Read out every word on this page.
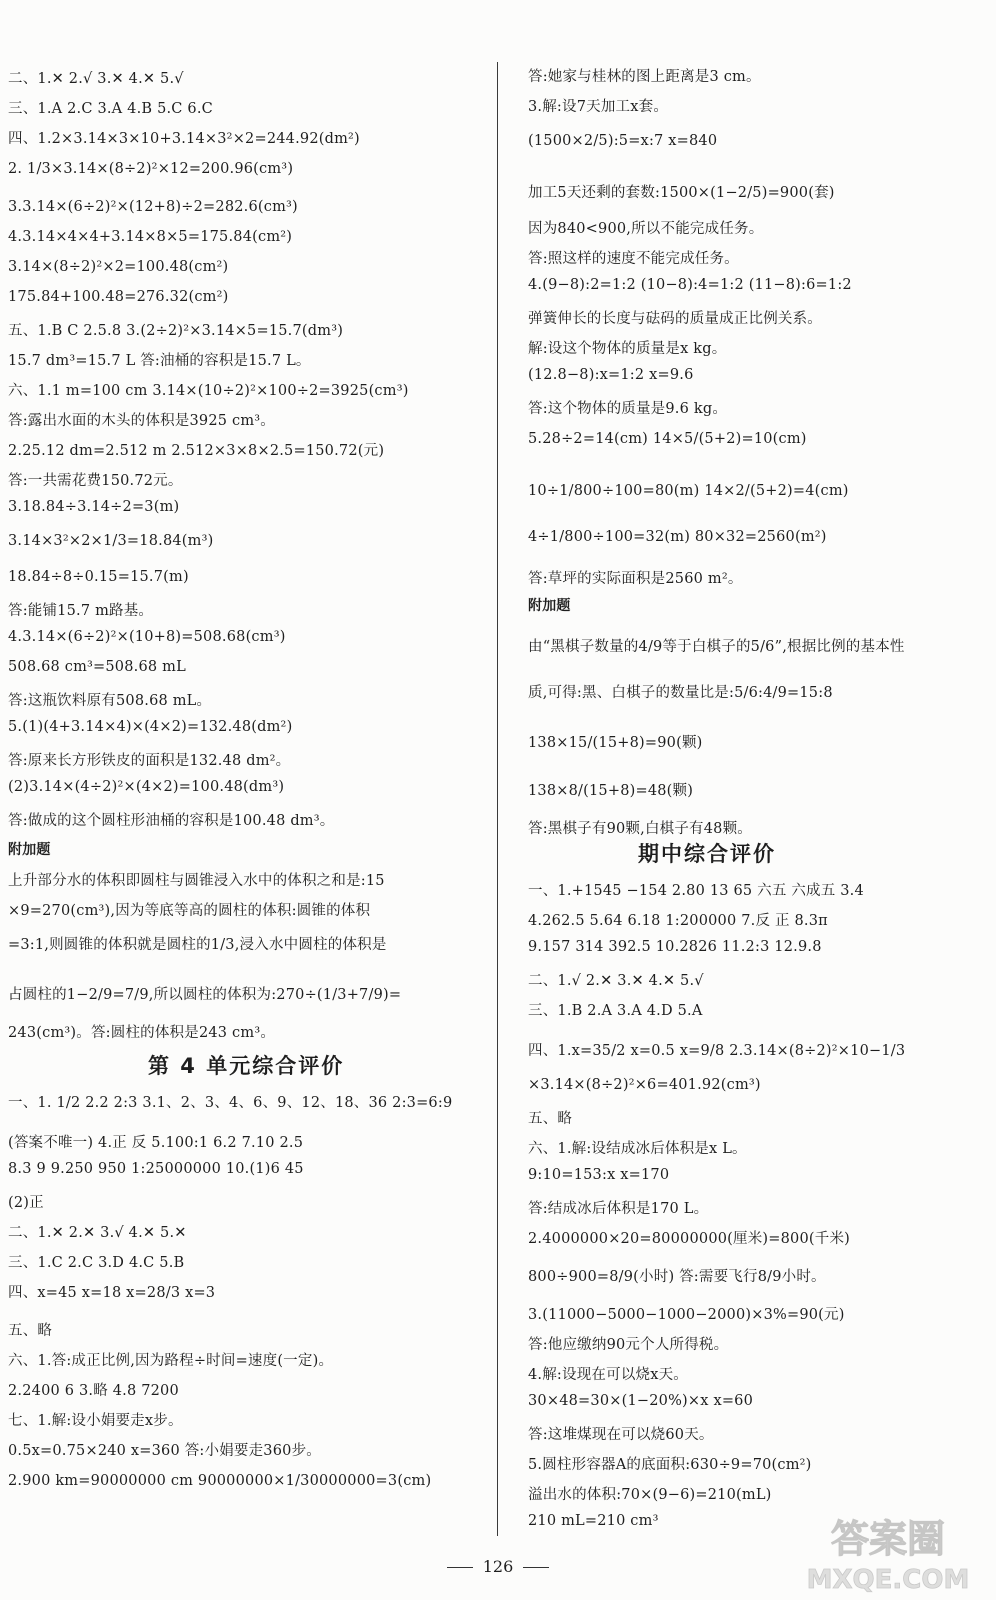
二、1.✕ 2.√ 3.✕ 4.✕ 5.√
三、1.A 2.C 3.A 4.B 5.C 6.C
四、1.2×3.14×3×10+3.14×3²×2=244.92(dm²)
2. 1/3×3.14×(8÷2)²×12=200.96(cm³)
3.3.14×(6÷2)²×(12+8)÷2=282.6(cm³)
4.3.14×4×4+3.14×8×5=175.84(cm²)
3.14×(8÷2)²×2=100.48(cm²)
175.84+100.48=276.32(cm²)
五、1.B C 2.5.8 3.(2÷2)²×3.14×5=15.7(dm³)
15.7 dm³=15.7 L 答:油桶的容积是15.7 L。
六、1.1 m=100 cm 3.14×(10÷2)²×100÷2=3925(cm³)
答:露出水面的木头的体积是3925 cm³。
2.25.12 dm=2.512 m 2.512×3×8×2.5=150.72(元)
答:一共需花费150.72元。
3.18.84÷3.14÷2=3(m)
3.14×3²×2×1/3=18.84(m³)
18.84÷8÷0.15=15.7(m)
答:能铺15.7 m路基。
4.3.14×(6÷2)²×(10+8)=508.68(cm³)
508.68 cm³=508.68 mL
答:这瓶饮料原有508.68 mL。
5.(1)(4+3.14×4)×(4×2)=132.48(dm²)
答:原来长方形铁皮的面积是132.48 dm²。
(2)3.14×(4÷2)²×(4×2)=100.48(dm³)
答:做成的这个圆柱形油桶的容积是100.48 dm³。
附加题
上升部分水的体积即圆柱与圆锥浸入水中的体积之和是:15
×9=270(cm³),因为等底等高的圆柱的体积:圆锥的体积
=3:1,则圆锥的体积就是圆柱的1/3,浸入水中圆柱的体积是
占圆柱的1−2/9=7/9,所以圆柱的体积为:270÷(1/3+7/9)=
243(cm³)。答:圆柱的体积是243 cm³。
一、1. 1/2 2.2 2:3 3.1、2、3、4、6、9、12、18、36 2:3=6:9
(答案不唯一) 4.正 反 5.100:1 6.2 7.10 2.5
8.3 9 9.250 950 1:25000000 10.(1)6 45
(2)正
二、1.✕ 2.✕ 3.√ 4.✕ 5.✕
三、1.C 2.C 3.D 4.C 5.B
四、x=45 x=18 x=28/3 x=3
五、略
六、1.答:成正比例,因为路程÷时间=速度(一定)。
2.2400 6 3.略 4.8 7200
七、1.解:设小娟要走x步。
0.5x=0.75×240 x=360 答:小娟要走360步。
2.900 km=90000000 cm 90000000×1/30000000=3(cm)
第 4 单元综合评价
答:她家与桂林的图上距离是3 cm。
3.解:设7天加工x套。
(1500×2/5):5=x:7 x=840
加工5天还剩的套数:1500×(1−2/5)=900(套)
因为840<900,所以不能完成任务。
答:照这样的速度不能完成任务。
4.(9−8):2=1:2 (10−8):4=1:2 (11−8):6=1:2
弹簧伸长的长度与砝码的质量成正比例关系。
解:设这个物体的质量是x kg。
(12.8−8):x=1:2 x=9.6
答:这个物体的质量是9.6 kg。
5.28÷2=14(cm) 14×5/(5+2)=10(cm)
10÷1/800÷100=80(m) 14×2/(5+2)=4(cm)
4÷1/800÷100=32(m) 80×32=2560(m²)
答:草坪的实际面积是2560 m²。
附加题
由“黑棋子数量的4/9等于白棋子的5/6”,根据比例的基本性
质,可得:黑、白棋子的数量比是:5/6:4/9=15:8
138×15/(15+8)=90(颗)
138×8/(15+8)=48(颗)
答:黑棋子有90颗,白棋子有48颗。
一、1.+1545 −154 2.80 13 65 六五 六成五 3.4
4.262.5 5.64 6.18 1:200000 7.反 正 8.3π
9.157 314 392.5 10.2826 11.2:3 12.9.8
二、1.√ 2.✕ 3.✕ 4.✕ 5.√
三、1.B 2.A 3.A 4.D 5.A
四、1.x=35/2 x=0.5 x=9/8 2.3.14×(8÷2)²×10−1/3
×3.14×(8÷2)²×6=401.92(cm³)
五、略
六、1.解:设结成冰后体积是x L。
9:10=153:x x=170
答:结成冰后体积是170 L。
2.4000000×20=80000000(厘米)=800(千米)
800÷900=8/9(小时) 答:需要飞行8/9小时。
3.(11000−5000−1000−2000)×3%=90(元)
答:他应缴纳90元个人所得税。
4.解:设现在可以烧x天。
30×48=30×(1−20%)×x x=60
答:这堆煤现在可以烧60天。
5.圆柱形容器A的底面积:630÷9=70(cm²)
溢出水的体积:70×(9−6)=210(mL)
210 mL=210 cm³
期中综合评价
126
答案圈
MXQE.COM
